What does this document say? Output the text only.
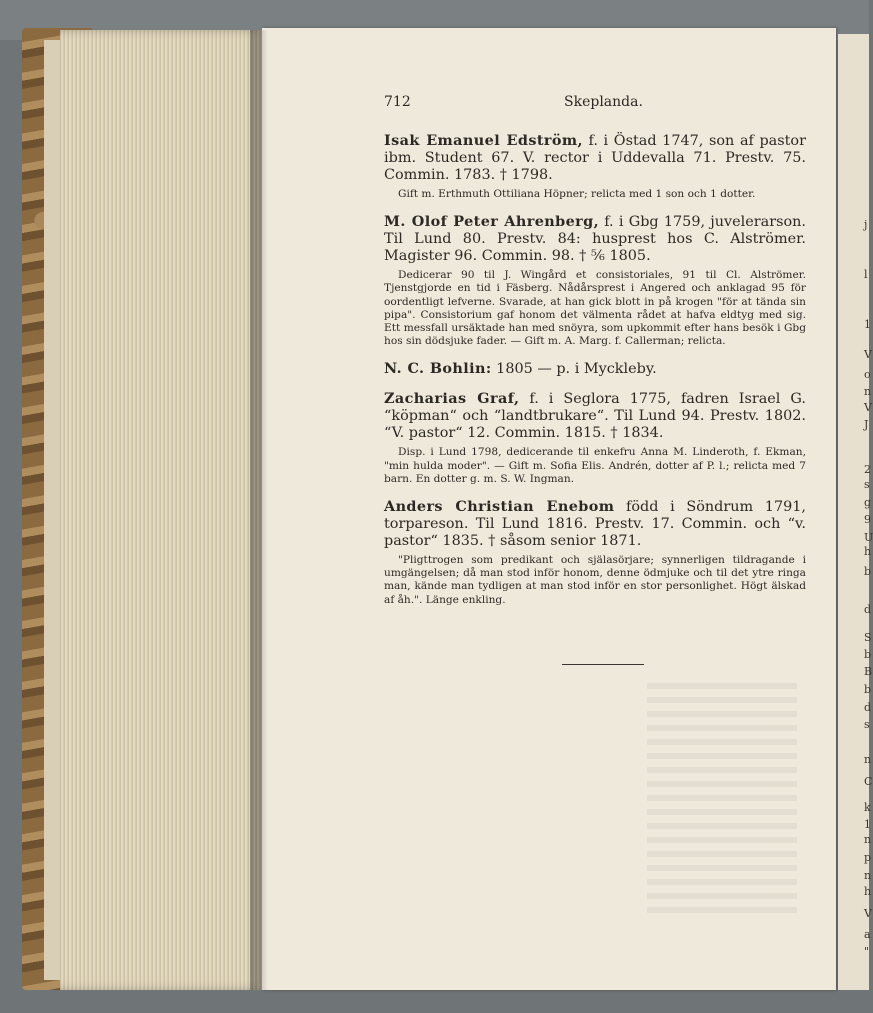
712	Skeplanda.

Isak Emanuel Edström, f. i Östad 1747, son af pastor ibm. Student 67. V. rector i Uddevalla 71. Prestv. 75. Commin. 1783. † 1798.

Gift m. Erthmuth Ottiliana Höpner; relicta med 1 son och 1 dotter.

M. Olof Peter Ahrenberg, f. i Gbg 1759, juvelerarson. Til Lund 80. Prestv. 84: husprest hos C. Alströmer. Magister 96. Commin. 98. † ⁵⁄₆ 1805.

Dedicerar 90 til J. Wingård et consistoriales, 91 til Cl. Alströmer. Tjenstgjorde en tid i Fäsberg. Nådårsprest i Angered och anklagad 95 för oordentligt lefverne. Svarade, at han gick blott in på krogen "för at tända sin pipa". Consistorium gaf honom det välmenta rådet at hafva eldtyg med sig. Ett messfall ursäktade han med snöyra, som upkommit efter hans besök i Gbg hos sin dödsjuke fader. — Gift m. A. Marg. f. Callerman; relicta.

N. C. Bohlin: 1805 — p. i Myckleby.

Zacharias Graf, f. i Seglora 1775, fadren Israel G. “köpman“ och “landtbrukare“. Til Lund 94. Prestv. 1802. “V. pastor“ 12. Commin. 1815. † 1834.

Disp. i Lund 1798, dedicerande til enkefru Anna M. Linderoth, f. Ekman, "min hulda moder". — Gift m. Sofia Elis. Andrén, dotter af P. l.; relicta med 7 barn. En dotter g. m. S. W. Ingman.

Anders Christian Enebom född i Söndrum 1791, torpareson. Til Lund 1816. Prestv. 17. Commin. och “v. pastor“ 1835. † såsom senior 1871.

"Pligttrogen som predikant och själasörjare; synnerligen tildragande i umgängelsen; då man stod inför honom, denne ödmjuke och til det ytre ringa man, kände man tydligen at man stod inför en stor personlighet. Högt älskad af åh.". Länge enkling.

j
l
1
V
o
n
V
J
2
s
g
9
U
h
b
d
S
b
B
b
d
s
n
C
k
1
n
p
n
h
V
a
"
